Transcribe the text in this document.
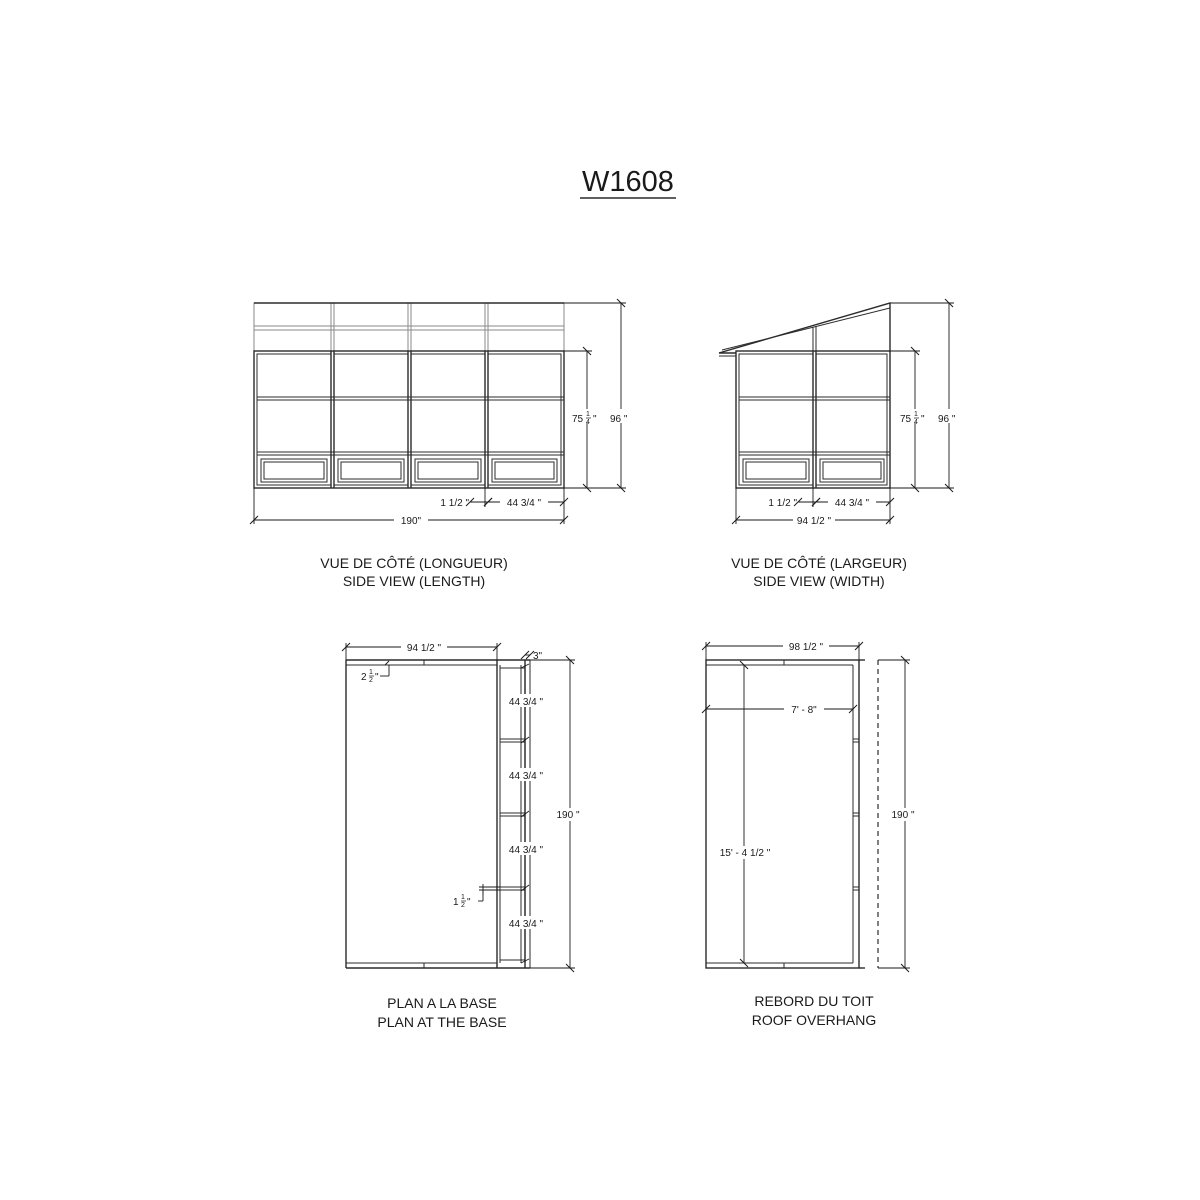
W1608
75 1
4 " 96 "
1 1/2 "	44 3/4 "
190"
VUE DE CÔTÉ (LONGUEUR)
SIDE VIEW (LENGTH)
75 1
4 " 96 "
1 1/2 "	44 3/4 "
94 1/2 "
VUE DE CÔTÉ (LARGEUR)
SIDE VIEW (WIDTH)
94 1/2 "
3"
2 1
2 "
44 3/4 "
44 3/4 "
44 3/4 "
44 3/4 "
190 "
1 1
2 "
PLAN A LA BASE
PLAN AT THE BASE
98 1/2 "
7' - 8"
15' - 4 1/2 "
190 "
REBORD DU TOIT
ROOF OVERHANG
